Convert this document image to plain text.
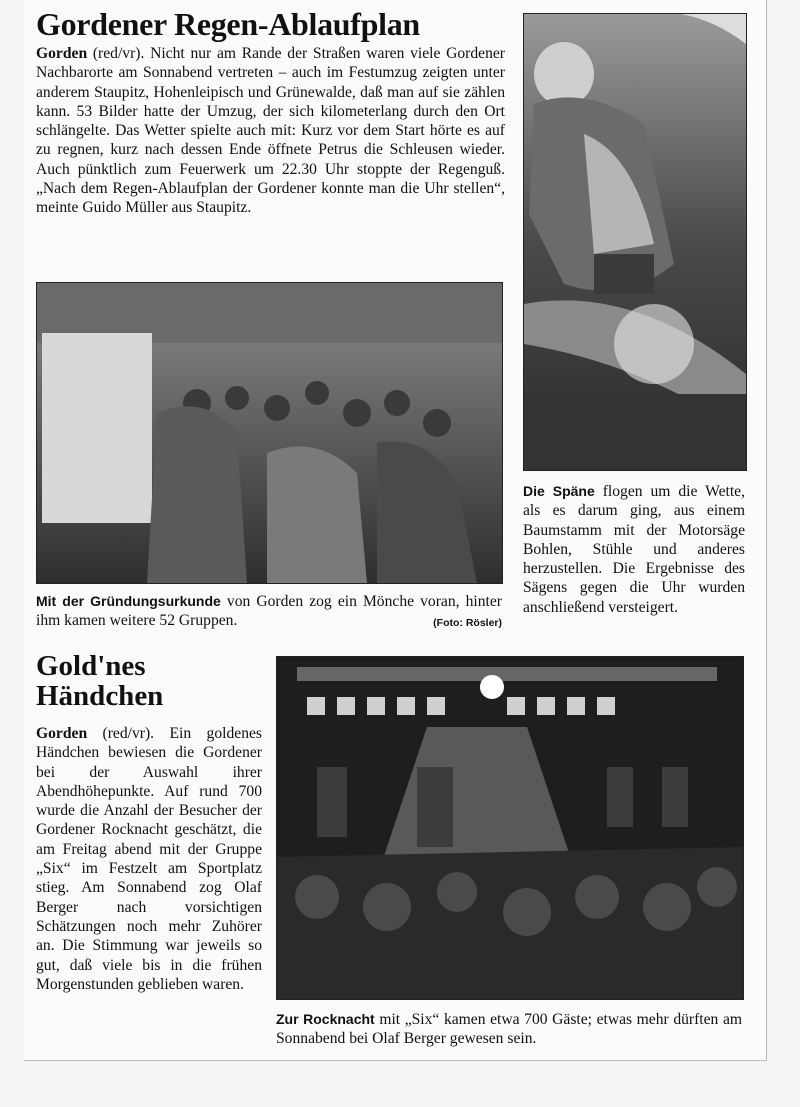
Gordener Regen-Ablaufplan

Gorden (red/vr). Nicht nur am Rande der Straßen waren viele Gordener Nachbarorte am Sonnabend vertreten – auch im Festumzug zeigten unter anderem Staupitz, Hohenleipisch und Grünewalde, daß man auf sie zählen kann. 53 Bilder hatte der Umzug, der sich kilometerlang durch den Ort schlängelte. Das Wetter spielte auch mit: Kurz vor dem Start hörte es auf zu regnen, kurz nach dessen Ende öffnete Petrus die Schleusen wieder. Auch pünktlich zum Feuerwerk um 22.30 Uhr stoppte der Regenguß. „Nach dem Regen-Ablaufplan der Gordener konnte man die Uhr stellen“, meinte Guido Müller aus Staupitz.

Mit der Gründungsurkunde von Gorden zog ein Mönche voran, hinter ihm kamen weitere 52 Gruppen.	(Foto: Rösler)

Die Späne flogen um die Wette, als es darum ging, aus einem Baumstamm mit der Motorsäge Bohlen, Stühle und anderes herzustellen. Die Ergebnisse des Sägens gegen die Uhr wurden anschließend versteigert.

Gold'nes
Händchen

Gorden (red/vr). Ein goldenes Händchen bewiesen die Gordener bei der Auswahl ihrer Abendhöhepunkte. Auf rund 700 wurde die Anzahl der Besucher der Gordener Rocknacht geschätzt, die am Freitag abend mit der Gruppe „Six“ im Festzelt am Sportplatz stieg. Am Sonnabend zog Olaf Berger nach vorsichtigen Schätzungen noch mehr Zuhörer an. Die Stimmung war jeweils so gut, daß viele bis in die frühen Morgenstunden geblieben waren.

Zur Rocknacht mit „Six“ kamen etwa 700 Gäste; etwas mehr dürften am Sonnabend bei Olaf Berger gewesen sein.
